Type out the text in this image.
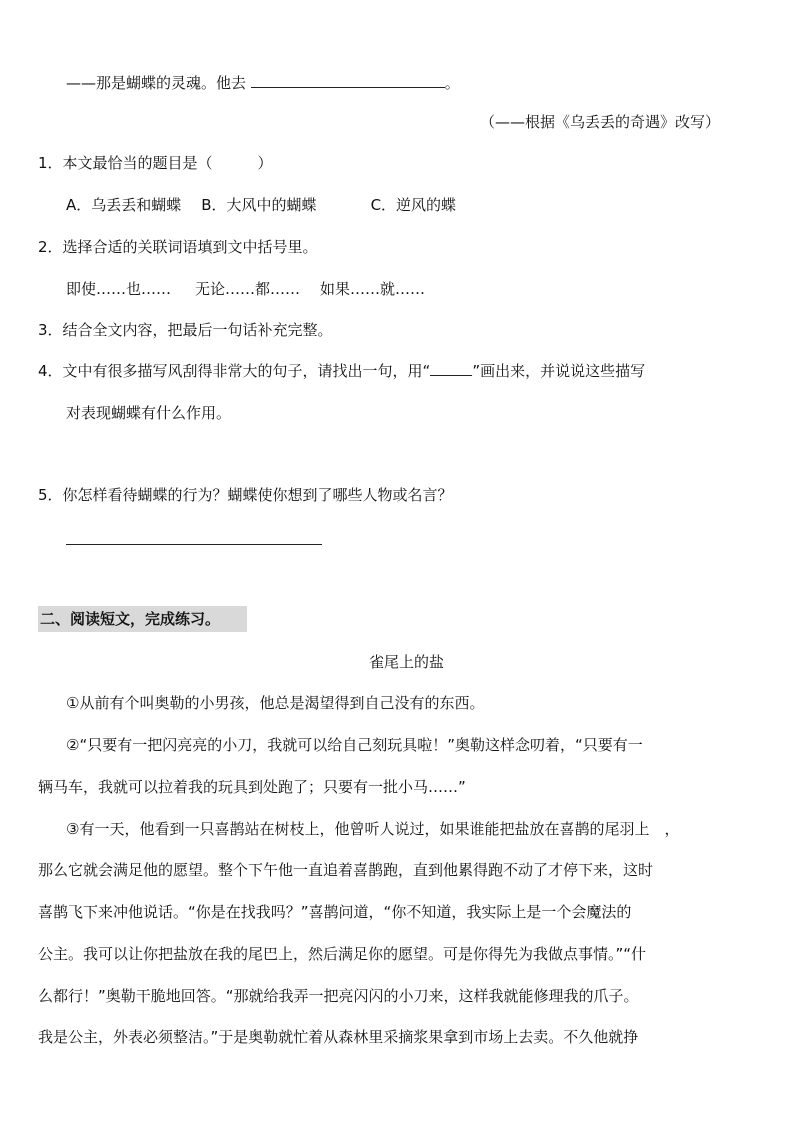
——那是蝴蝶的灵魂。他去	。
（——根据《乌丢丢的奇遇》改写）
1．本文最恰当的题目是（　　　）
A．乌丢丢和蝴蝶 B．大风中的蝴蝶	C．逆风的蝶
2．选择合适的关联词语填到文中括号里。
即使……也…… 无论……都…… 如果……就……
3．结合全文内容，把最后一句话补充完整。
4．文中有很多描写风刮得非常大的句子，请找出一句，用“	”画出来，并说说这些描写
对表现蝴蝶有什么作用。
5．你怎样看待蝴蝶的行为？蝴蝶使你想到了哪些人物或名言？
二、阅读短文，完成练习。
雀尾上的盐
①从前有个叫奥勒的小男孩，他总是渴望得到自己没有的东西。
②“只要有一把闪亮亮的小刀，我就可以给自己刻玩具啦！”奥勒这样念叨着，“只要有一
辆马车，我就可以拉着我的玩具到处跑了；只要有一批小马……”
③有一天，他看到一只喜鹊站在树枝上，他曾听人说过，如果谁能把盐放在喜鹊的尾羽上　，
那么它就会满足他的愿望。整个下午他一直追着喜鹊跑，直到他累得跑不动了才停下来，这时
喜鹊飞下来冲他说话。“你是在找我吗？”喜鹊问道，“你不知道，我实际上是一个会魔法的
公主。我可以让你把盐放在我的尾巴上，然后满足你的愿望。可是你得先为我做点事情。”“什
么都行！”奥勒干脆地回答。“那就给我弄一把亮闪闪的小刀来，这样我就能修理我的爪子。
我是公主，外表必须整洁。”于是奥勒就忙着从森林里采摘浆果拿到市场上去卖。不久他就挣
